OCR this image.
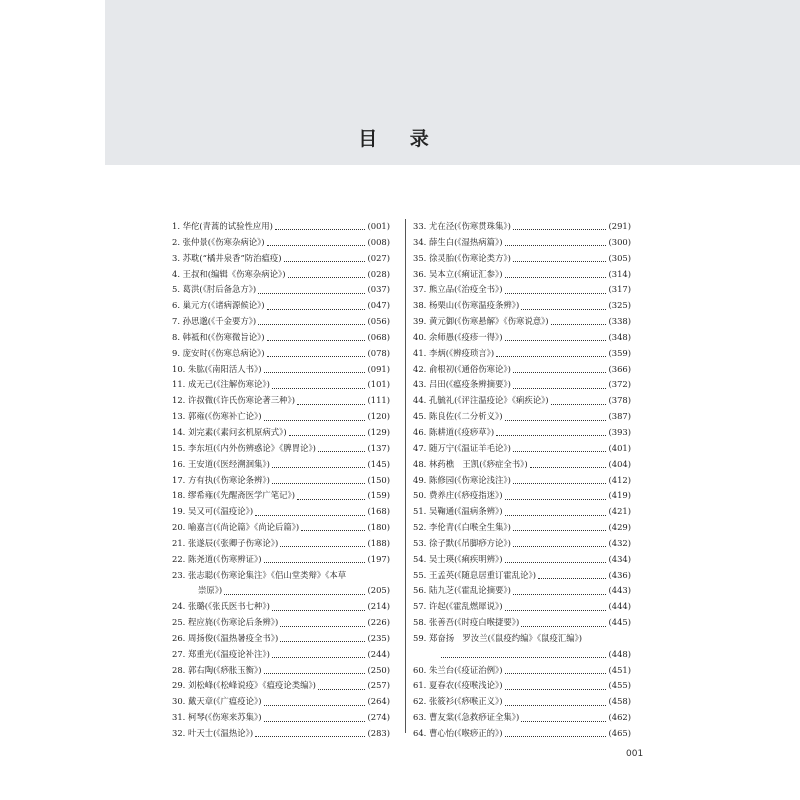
目 录
1. 华佗(青蒿的试验性应用)	(001)
2. 张仲景(《伤寒杂病论》)	(008)
3. 苏耽(“橘井泉香”防治瘟疫)	(027)
4. 王叔和(编辑《伤寒杂病论》)	(028)
5. 葛洪(《肘后备急方》)	(037)
6. 巢元方(《诸病源候论》)	(047)
7. 孙思邈(《千金要方》)	(056)
8. 韩祗和(《伤寒微旨论》)	(068)
9. 庞安时(《伤寒总病论》)	(078)
10. 朱肱(《南阳活人书》)	(091)
11. 成无己(《注解伤寒论》)	(101)
12. 许叔微(《许氏伤寒论著三种》)	(111)
13. 郭雍(《伤寒补亡论》)	(120)
14. 刘完素(《素问玄机原病式》)	(129)
15. 李东垣(《内外伤辨惑论》《脾胃论》)	(137)
16. 王安道(《医经溯洄集》)	(145)
17. 方有执(《伤寒论条辨》)	(150)
18. 缪希雍(《先醒斋医学广笔记》)	(159)
19. 吴又可(《温疫论》)	(168)
20. 喻嘉言(《尚论篇》《尚论后篇》)	(180)
21. 张遂辰(《张卿子伤寒论》)	(188)
22. 陈尧道(《伤寒辨证》)	(197)
23. 张志聪(《伤寒论集注》《侣山堂类辩》《本草
崇原》)	(205)
24. 张璐(《张氏医书七种》)	(214)
25. 程应旄(《伤寒论后条辨》)	(226)
26. 周扬俊(《温热暑疫全书》)	(235)
27. 郑重光(《温疫论补注》)	(244)
28. 郭右陶(《痧胀玉衡》)	(250)
29. 刘松峰(《松峰说疫》《瘟疫论类编》)	(257)
30. 戴天章(《广瘟疫论》)	(264)
31. 柯琴(《伤寒来苏集》)	(274)
32. 叶天士(《温热论》)	(283)
33. 尤在泾(《伤寒贯珠集》)	(291)
34. 薛生白(《湿热病篇》)	(300)
35. 徐灵胎(《伤寒论类方》)	(305)
36. 吴本立(《痢证汇参》)	(314)
37. 熊立品(《治疫全书》)	(317)
38. 杨栗山(《伤寒温疫条辨》)	(325)
39. 黄元御(《伤寒悬解》《伤寒说意》)	(338)
40. 余师愚(《疫疹一得》)	(348)
41. 李炳(《辨疫琐言》)	(359)
42. 俞根初(《通俗伤寒论》)	(366)
43. 吕田(《瘟疫条辨摘要》)	(372)
44. 孔毓礼(《评注温疫论》《痢疾论》)	(378)
45. 陈良佐(《二分析义》)	(387)
46. 陈耕道(《疫痧草》)	(393)
47. 随万宁(《温证羊毛论》)	(401)
48. 林药樵　王凯(《痧症全书》)	(404)
49. 陈修园(《伤寒论浅注》)	(412)
50. 费养庄(《痧疫指迷》)	(419)
51. 吴鞠通(《温病条辨》)	(421)
52. 李伦青(《白喉全生集》)	(429)
53. 徐子默(《吊脚痧方论》)	(432)
54. 吴士瑛(《痢疾明辨》)	(434)
55. 王孟英(《随息居重订霍乱论》)	(436)
56. 陆九芝(《霍乱论摘要》)	(443)
57. 许起(《霍乱燃犀说》)	(444)
58. 张善吾(《时疫白喉捷要》)	(445)
59. 郑奋扬　罗汝兰(《鼠疫约编》《鼠疫汇编》)
(448)
60. 朱兰台(《疫证治例》)	(451)
61. 夏春农(《疫喉浅论》)	(455)
62. 张筱衫(《痧喉正义》)	(458)
63. 曹友棠(《急救痧证全集》)	(462)
64. 曹心怡(《喉痧正的》)	(465)
001
